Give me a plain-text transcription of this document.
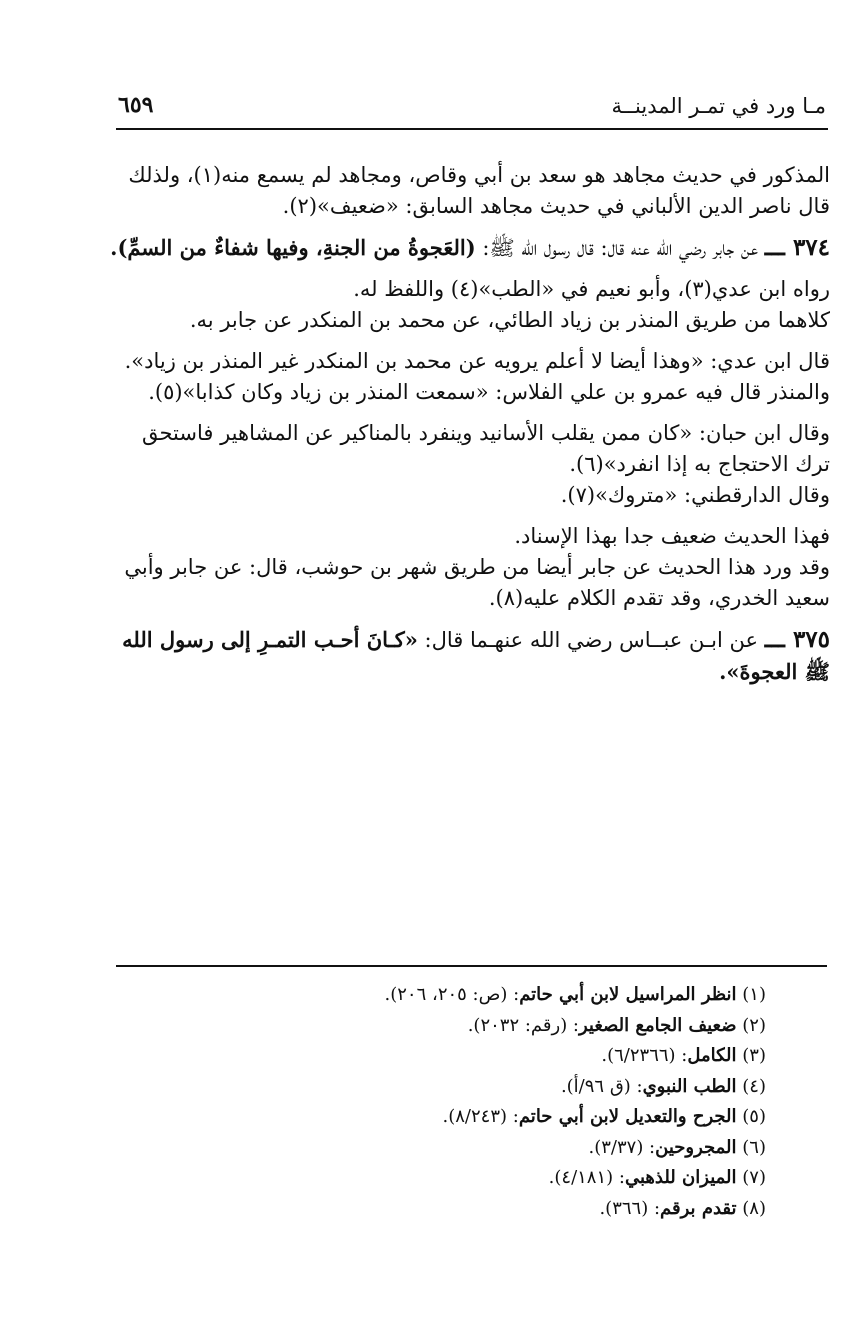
مـا ورد في تمـر المدينــة
٦٥٩

المذكور في حديث مجاهد هو سعد بن أبي وقاص، ومجاهد لم يسمع منه(١)، ولذلك قال ناصر الدين الألباني في حديث مجاهد السابق: «ضعيف»(٢).

٣٧٤ ـــ عن جابر رضي الله عنه قال: قال رسول الله ﷺ: (العَجوةُ من الجنةِ، وفيها شفاءٌ من السمِّ).

رواه ابن عدي(٣)، وأبو نعيم في «الطب»(٤) واللفظ له.

كلاهما من طريق المنذر بن زياد الطائي، عن محمد بن المنكدر عن جابر به.

قال ابن عدي: «وهذا أيضا لا أعلم يرويه عن محمد بن المنكدر غير المنذر بن زياد».

والمنذر قال فيه عمرو بن علي الفلاس: «سمعت المنذر بن زياد وكان كذابا»(٥).

وقال ابن حبان: «كان ممن يقلب الأسانيد وينفرد بالمناكير عن المشاهير فاستحق ترك الاحتجاج به إذا انفرد»(٦).

وقال الدارقطني: «متروك»(٧).

فهذا الحديث ضعيف جدا بهذا الإسناد.

وقد ورد هذا الحديث عن جابر أيضا من طريق شهر بن حوشب، قال: عن جابر وأبي سعيد الخدري، وقد تقدم الكلام عليه(٨).

٣٧٥ ـــ عن ابـن عبــاس رضي الله عنهـما قال: «كـانَ أحـب التمـرِ إلى رسول الله ﷺ العجوةَ».

(١) انظر المراسيل لابن أبي حاتم: (ص: ٢٠٥، ٢٠٦).
(٢) ضعيف الجامع الصغير: (رقم: ٢٠٣٢).
(٣) الكامل: (٦/٢٣٦٦).
(٤) الطب النبوي: (ق ٩٦/أ).
(٥) الجرح والتعديل لابن أبي حاتم: (٨/٢٤٣).
(٦) المجروحين: (٣/٣٧).
(٧) الميزان للذهبي: (٤/١٨١).
(٨) تقدم برقم: (٣٦٦).
